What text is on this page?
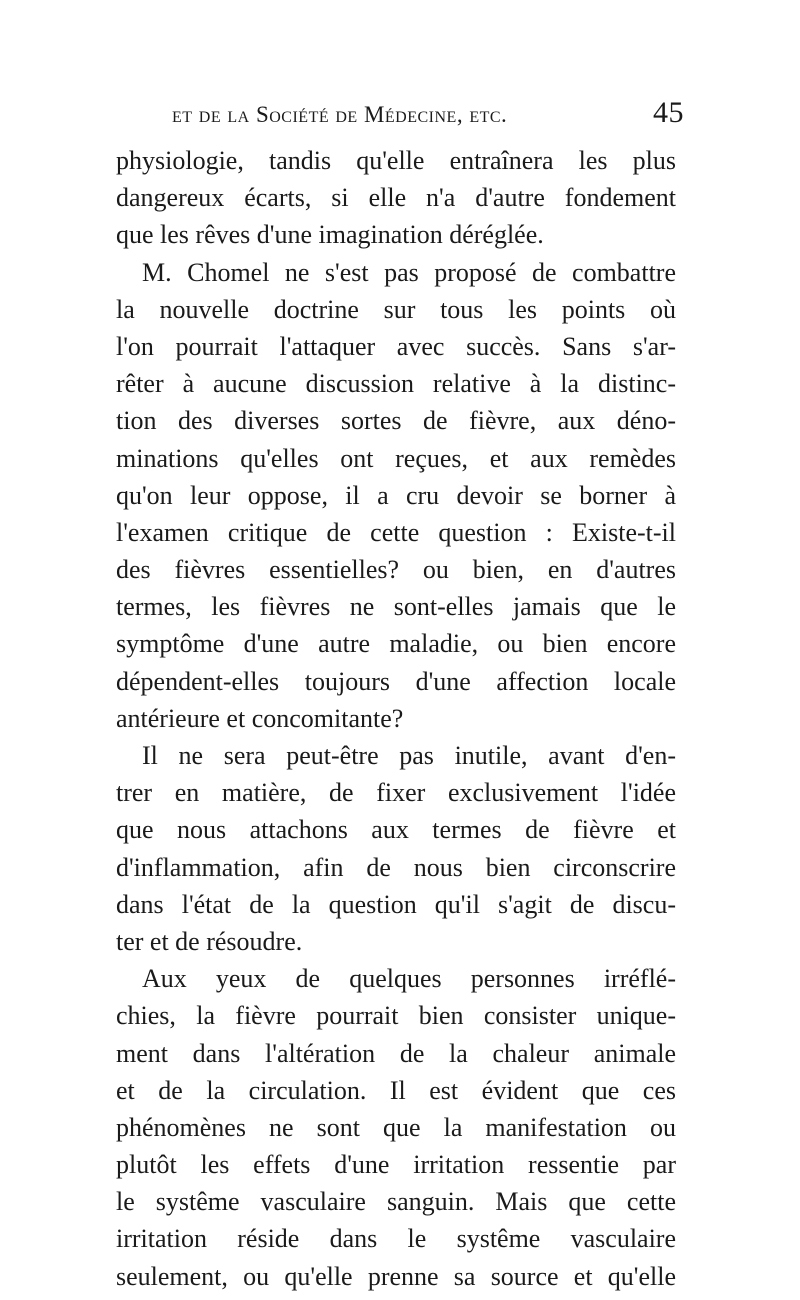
et de la Société de Médecine, etc.	45
physiologie, tandis qu'elle entraînera les plus
dangereux écarts, si elle n'a d'autre fondement
que les rêves d'une imagination déréglée.
M. Chomel ne s'est pas proposé de combattre
la nouvelle doctrine sur tous les points où
l'on pourrait l'attaquer avec succès. Sans s'ar-
rêter à aucune discussion relative à la distinc-
tion des diverses sortes de fièvre, aux déno-
minations qu'elles ont reçues, et aux remèdes
qu'on leur oppose, il a cru devoir se borner à
l'examen critique de cette question : Existe-t-il
des fièvres essentielles? ou bien, en d'autres
termes, les fièvres ne sont-elles jamais que le
symptôme d'une autre maladie, ou bien encore
dépendent-elles toujours d'une affection locale
antérieure et concomitante?
Il ne sera peut-être pas inutile, avant d'en-
trer en matière, de fixer exclusivement l'idée
que nous attachons aux termes de fièvre et
d'inflammation, afin de nous bien circonscrire
dans l'état de la question qu'il s'agit de discu-
ter et de résoudre.
Aux yeux de quelques personnes irréflé-
chies, la fièvre pourrait bien consister unique-
ment dans l'altération de la chaleur animale
et de la circulation. Il est évident que ces
phénomènes ne sont que la manifestation ou
plutôt les effets d'une irritation ressentie par
le systême vasculaire sanguin. Mais que cette
irritation réside dans le systême vasculaire
seulement, ou qu'elle prenne sa source et qu'elle
